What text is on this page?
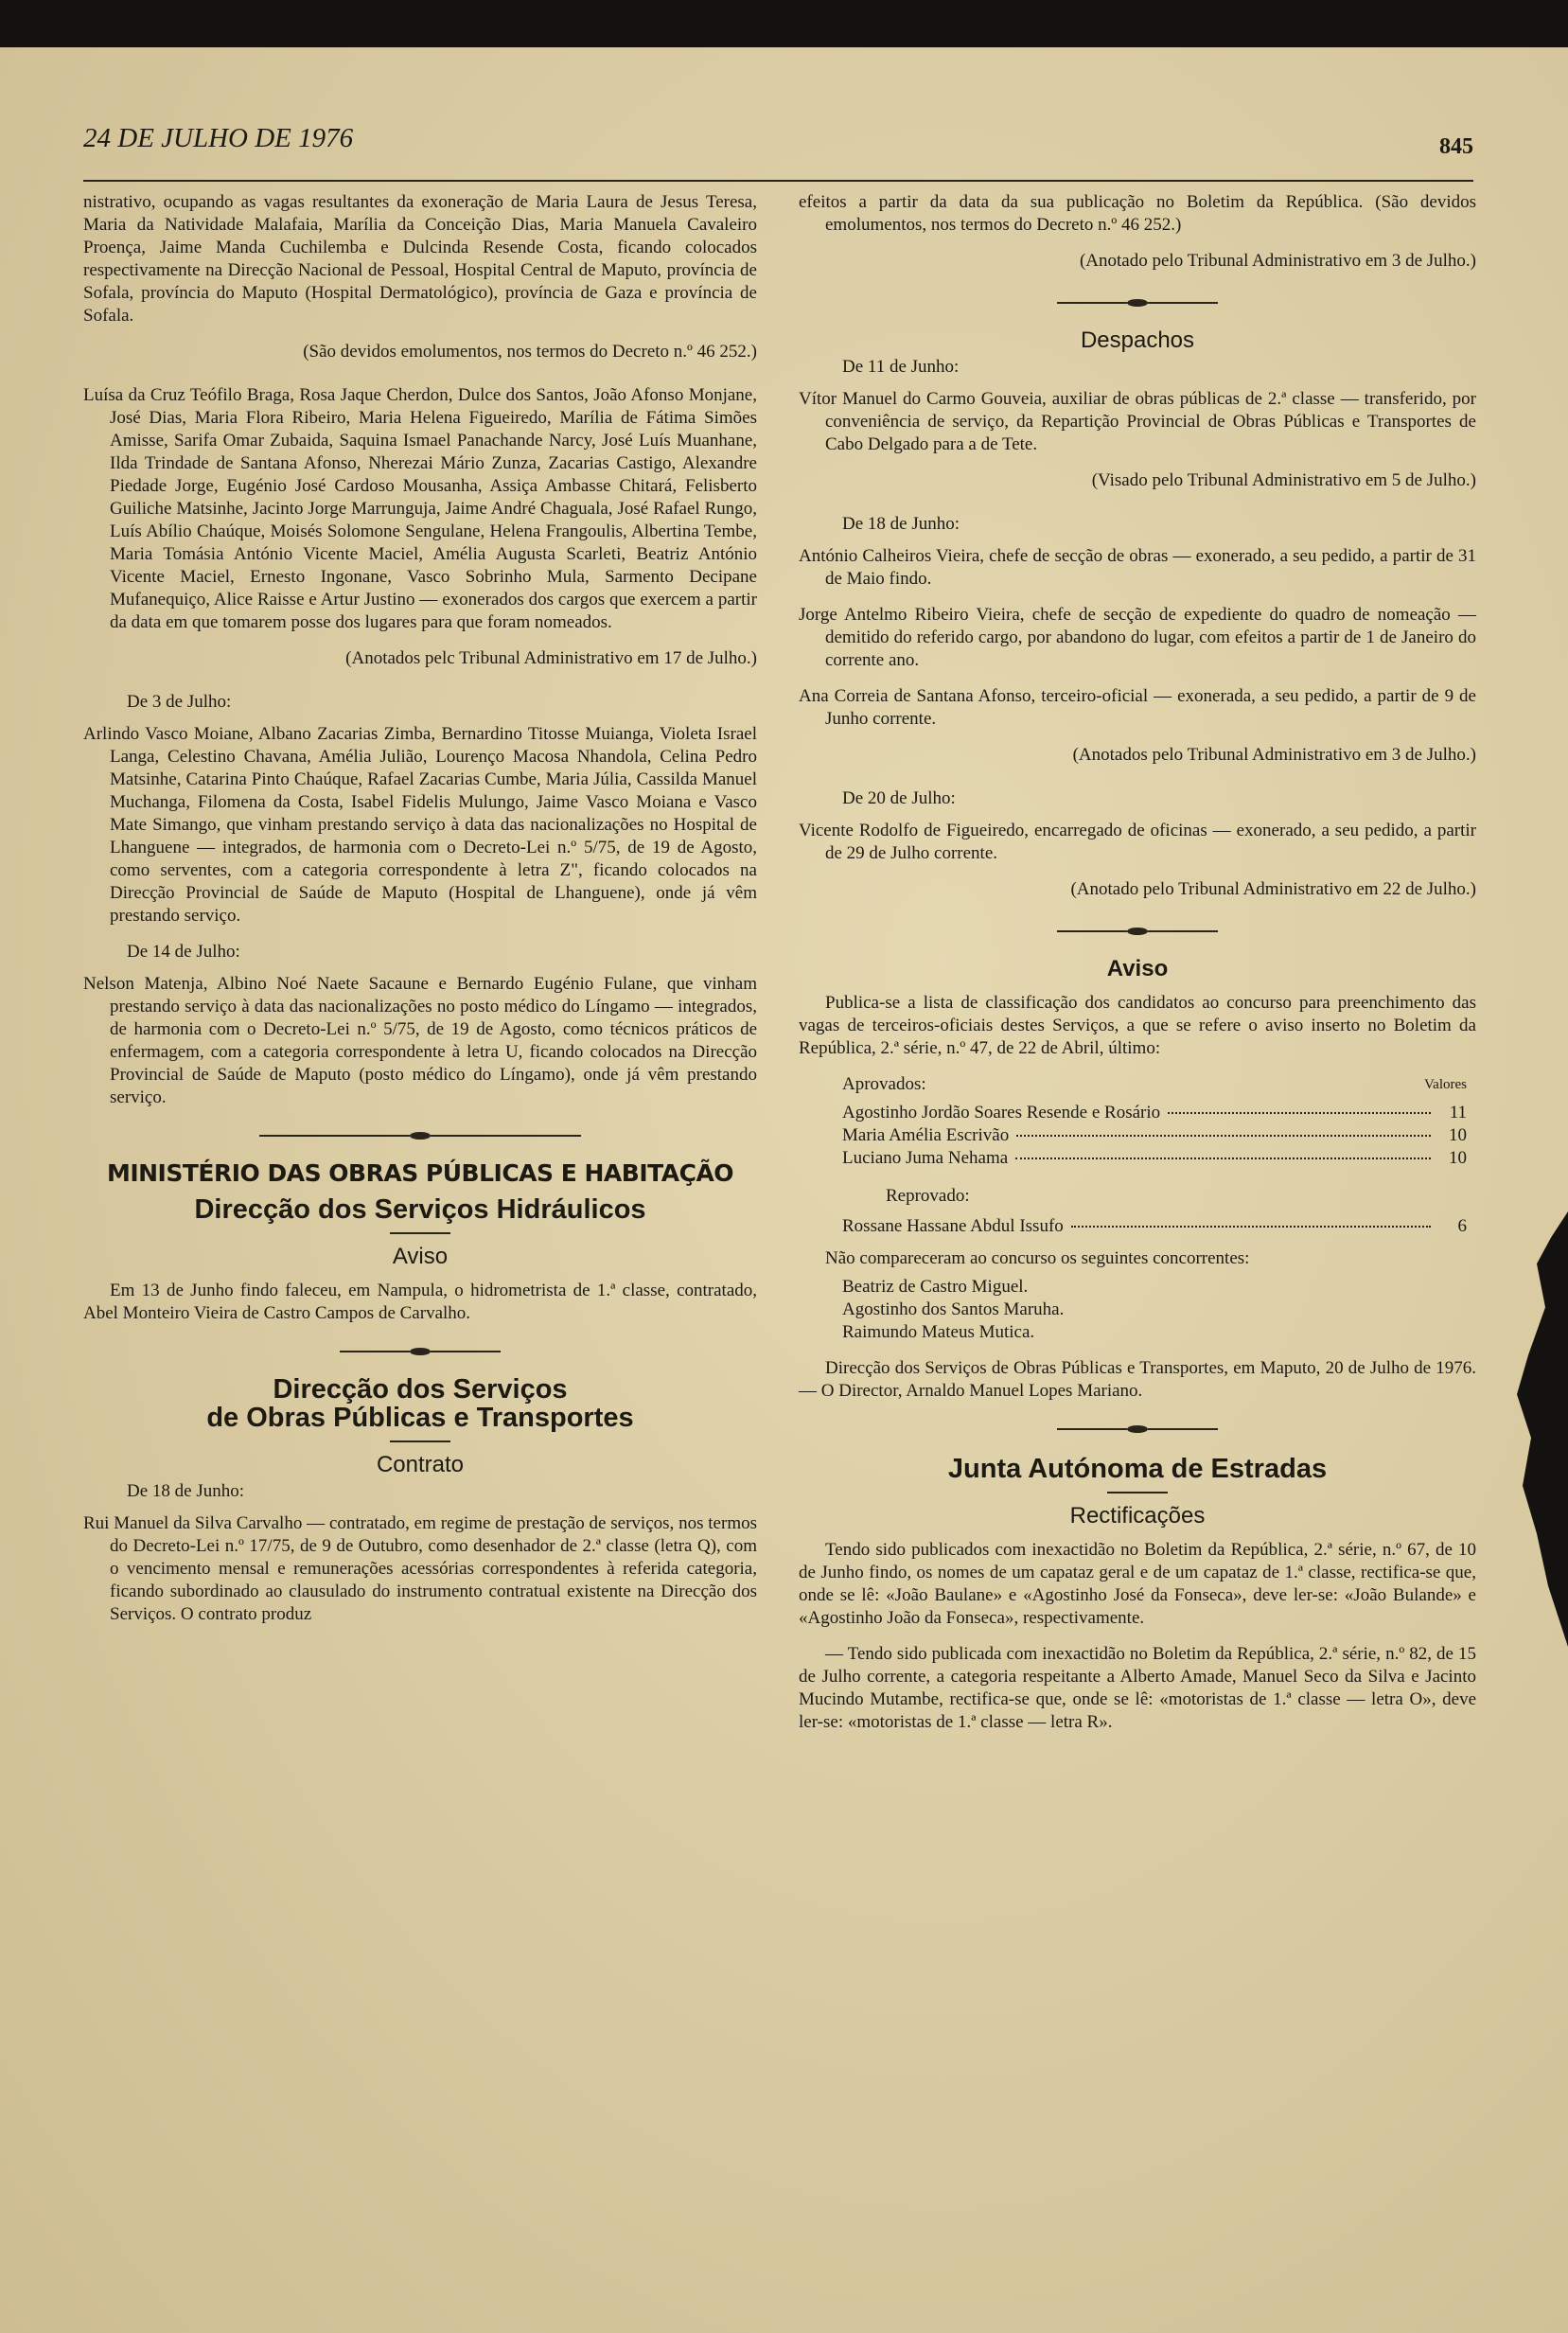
24 DE JULHO DE 1976	845

nistrativo, ocupando as vagas resultantes da exoneração de Maria Laura de Jesus Teresa, Maria da Natividade Malafaia, Marília da Conceição Dias, Maria Manuela Cavaleiro Proença, Jaime Manda Cuchilemba e Dulcinda Resende Costa, ficando colocados respectivamente na Direcção Nacional de Pessoal, Hospital Central de Maputo, província de Sofala, província do Maputo (Hospital Dermatológico), província de Gaza e província de Sofala.

(São devidos emolumentos, nos termos do Decreto n.º 46 252.)

Luísa da Cruz Teófilo Braga, Rosa Jaque Cherdon, Dulce dos Santos, João Afonso Monjane, José Dias, Maria Flora Ribeiro, Maria Helena Figueiredo, Marília de Fátima Simões Amisse, Sarifa Omar Zubaida, Saquina Ismael Panachande Narcy, José Luís Muanhane, Ilda Trindade de Santana Afonso, Nherezai Mário Zunza, Zacarias Castigo, Alexandre Piedade Jorge, Eugénio José Cardoso Mousanha, Assiça Ambasse Chitará, Felisberto Guiliche Matsinhe, Jacinto Jorge Marrunguja, Jaime André Chaguala, José Rafael Rungo, Luís Abílio Chaúque, Moisés Solomone Sengulane, Helena Frangoulis, Albertina Tembe, Maria Tomásia António Vicente Maciel, Amélia Augusta Scarleti, Beatriz António Vicente Maciel, Ernesto Ingonane, Vasco Sobrinho Mula, Sarmento Decipane Mufanequiço, Alice Raisse e Artur Justino — exonerados dos cargos que exercem a partir da data em que tomarem posse dos lugares para que foram nomeados.

(Anotados pelc Tribunal Administrativo em 17 de Julho.)

De 3 de Julho:

Arlindo Vasco Moiane, Albano Zacarias Zimba, Bernardino Titosse Muianga, Violeta Israel Langa, Celestino Chavana, Amélia Julião, Lourenço Macosa Nhandola, Celina Pedro Matsinhe, Catarina Pinto Chaúque, Rafael Zacarias Cumbe, Maria Júlia, Cassilda Manuel Muchanga, Filomena da Costa, Isabel Fidelis Mulungo, Jaime Vasco Moiana e Vasco Mate Simango, que vinham prestando serviço à data das nacionalizações no Hospital de Lhanguene — integrados, de harmonia com o Decreto-Lei n.º 5/75, de 19 de Agosto, como serventes, com a categoria correspondente à letra Z", ficando colocados na Direcção Provincial de Saúde de Maputo (Hospital de Lhanguene), onde já vêm prestando serviço.

De 14 de Julho:

Nelson Matenja, Albino Noé Naete Sacaune e Bernardo Eugénio Fulane, que vinham prestando serviço à data das nacionalizações no posto médico do Língamo — integrados, de harmonia com o Decreto-Lei n.º 5/75, de 19 de Agosto, como técnicos práticos de enfermagem, com a categoria correspondente à letra U, ficando colocados na Direcção Provincial de Saúde de Maputo (posto médico do Língamo), onde já vêm prestando serviço.

MINISTÉRIO DAS OBRAS PÚBLICAS E HABITAÇÃO
Direcção dos Serviços Hidráulicos
Aviso

Em 13 de Junho findo faleceu, em Nampula, o hidrometrista de 1.ª classe, contratado, Abel Monteiro Vieira de Castro Campos de Carvalho.

Direcção dos Serviços
de Obras Públicas e Transportes
Contrato
De 18 de Junho:

Rui Manuel da Silva Carvalho — contratado, em regime de prestação de serviços, nos termos do Decreto-Lei n.º 17/75, de 9 de Outubro, como desenhador de 2.ª classe (letra Q), com o vencimento mensal e remunerações acessórias correspondentes à referida categoria, ficando subordinado ao clausulado do instrumento contratual existente na Direcção dos Serviços. O contrato produz

efeitos a partir da data da sua publicação no Boletim da República. (São devidos emolumentos, nos termos do Decreto n.º 46 252.)

(Anotado pelo Tribunal Administrativo em 3 de Julho.)

Despachos
De 11 de Junho:

Vítor Manuel do Carmo Gouveia, auxiliar de obras públicas de 2.ª classe — transferido, por conveniência de serviço, da Repartição Provincial de Obras Públicas e Transportes de Cabo Delgado para a de Tete.

(Visado pelo Tribunal Administrativo em 5 de Julho.)

De 18 de Junho:

António Calheiros Vieira, chefe de secção de obras — exonerado, a seu pedido, a partir de 31 de Maio findo.

Jorge Antelmo Ribeiro Vieira, chefe de secção de expediente do quadro de nomeação — demitido do referido cargo, por abandono do lugar, com efeitos a partir de 1 de Janeiro do corrente ano.

Ana Correia de Santana Afonso, terceiro-oficial — exonerada, a seu pedido, a partir de 9 de Junho corrente.

(Anotados pelo Tribunal Administrativo em 3 de Julho.)

De 20 de Julho:

Vicente Rodolfo de Figueiredo, encarregado de oficinas — exonerado, a seu pedido, a partir de 29 de Julho corrente.

(Anotado pelo Tribunal Administrativo em 22 de Julho.)

Aviso

Publica-se a lista de classificação dos candidatos ao concurso para preenchimento das vagas de terceiros-oficiais destes Serviços, a que se refere o aviso inserto no Boletim da República, 2.ª série, n.º 47, de 22 de Abril, último:

Aprovados:	Valores
Agostinho Jordão Soares Resende e Rosário	11
Maria Amélia Escrivão	10
Luciano Juma Nehama	10
Reprovado:
Rossane Hassane Abdul Issufo	6

Não compareceram ao concurso os seguintes concorrentes:

Beatriz de Castro Miguel.
Agostinho dos Santos Maruha.
Raimundo Mateus Mutica.

Direcção dos Serviços de Obras Públicas e Transportes, em Maputo, 20 de Julho de 1976. — O Director, Arnaldo Manuel Lopes Mariano.

Junta Autónoma de Estradas
Rectificações

Tendo sido publicados com inexactidão no Boletim da República, 2.ª série, n.º 67, de 10 de Junho findo, os nomes de um capataz geral e de um capataz de 1.ª classe, rectifica-se que, onde se lê: «João Baulane» e «Agostinho José da Fonseca», deve ler-se: «João Bulande» e «Agostinho João da Fonseca», respectivamente.

— Tendo sido publicada com inexactidão no Boletim da República, 2.ª série, n.º 82, de 15 de Julho corrente, a categoria respeitante a Alberto Amade, Manuel Seco da Silva e Jacinto Mucindo Mutambe, rectifica-se que, onde se lê: «motoristas de 1.ª classe — letra O», deve ler-se: «motoristas de 1.ª classe — letra R».
